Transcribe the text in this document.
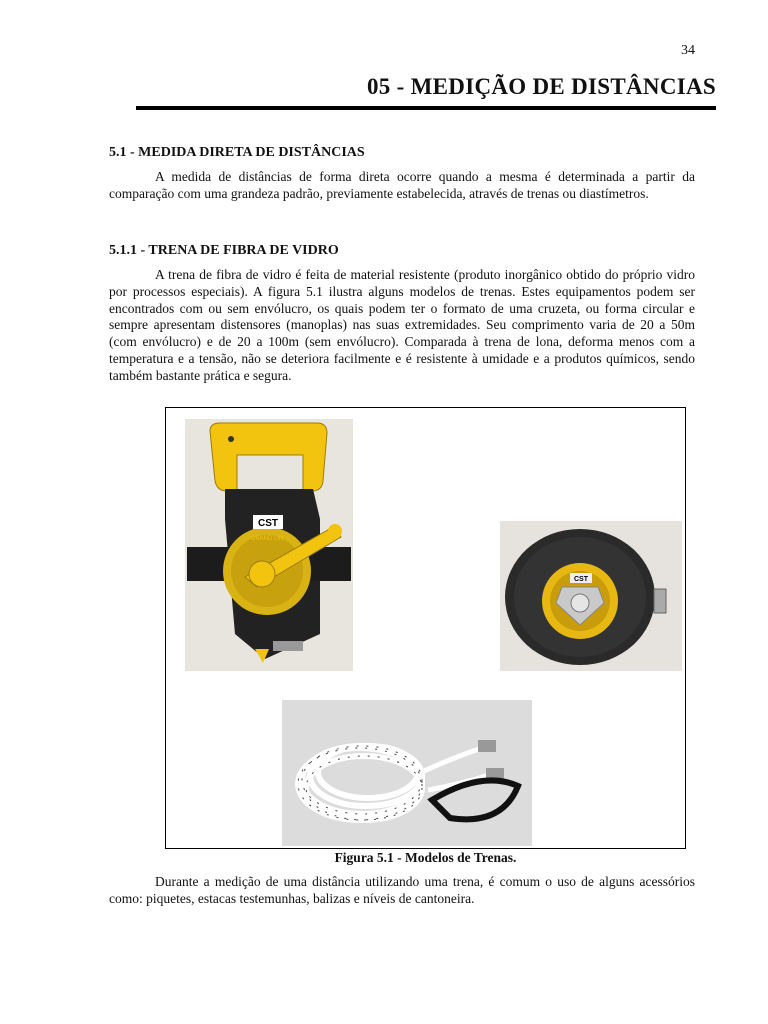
34
05 - MEDIÇÃO DE DISTÂNCIAS
5.1 - MEDIDA DIRETA DE DISTÂNCIAS

A medida de distâncias de forma direta ocorre quando a mesma é determinada a partir da comparação com uma grandeza padrão, previamente estabelecida, através de trenas ou diastímetros.

5.1.1 - TRENA DE FIBRA DE VIDRO

A trena de fibra de vidro é feita de material resistente (produto inorgânico obtido do próprio vidro por processos especiais). A figura 5.1 ilustra alguns modelos de trenas. Estes equipamentos podem ser encontrados com ou sem envólucro, os quais podem ter o formato de uma cruzeta, ou forma circular e sempre apresentam distensores (manoplas) nas suas extremidades. Seu comprimento varia de 20 a 50m (com envólucro) e de 20 a 100m (sem envólucro). Comparada à trena de lona, deforma menos com a temperatura e a tensão, não se deteriora facilmente e é resistente à umidade e a produtos químicos, sendo também bastante prática e segura.

CST
GRAND LIN
CST

Figura 5.1 - Modelos de Trenas.

Durante a medição de uma distância utilizando uma trena, é comum o uso de alguns acessórios como: piquetes, estacas testemunhas, balizas e níveis de cantoneira.
